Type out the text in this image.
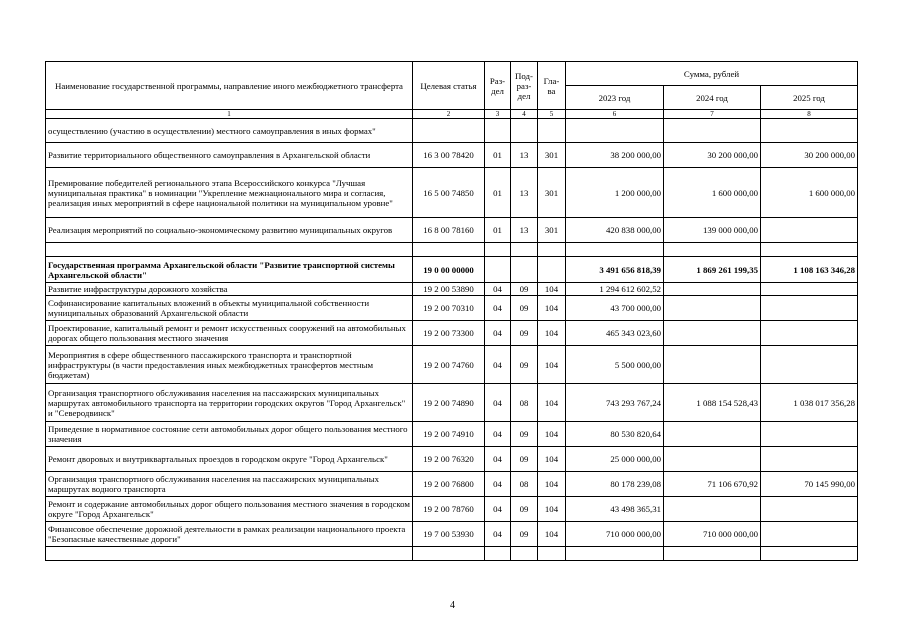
Наименование государственной программы, направление иного межбюджетного трансферта	Целевая статья	Раз-дел	Под-раз-дел	Гла-ва	Сумма, рублей		
					2023 год	2024 год	2025 год
1	2	3	4	5	6	7	8
осуществлению (участию в осуществлении) местного самоуправления в иных формах"							
Развитие территориального общественного самоуправления в Архангельской области	16 3 00 78420	01	13	301	38 200 000,00	30 200 000,00	30 200 000,00
Премирование победителей регионального этапа Всероссийского конкурса "Лучшая муниципальная практика" в номинации "Укрепление межнационального мира и согласия, реализация иных мероприятий в сфере национальной политики на муниципальном уровне"	16 5 00 74850	01	13	301	1 200 000,00	1 600 000,00	1 600 000,00
Реализация мероприятий по социально-экономическому развитию муниципальных округов	16 8 00 78160	01	13	301	420 838 000,00	139 000 000,00	

Государственная программа Архангельской области "Развитие транспортной системы Архангельской области"	19 0 00 00000				3 491 656 818,39	1 869 261 199,35	1 108 163 346,28
Развитие инфраструктуры дорожного хозяйства	19 2 00 53890	04	09	104	1 294 612 602,52		
Софинансирование капитальных вложений в объекты муниципальной собственности муниципальных образований Архангельской области	19 2 00 70310	04	09	104	43 700 000,00		
Проектирование, капитальный ремонт и ремонт искусственных сооружений на автомобильных дорогах общего пользования местного значения	19 2 00 73300	04	09	104	465 343 023,60		
Мероприятия в сфере общественного пассажирского транспорта и транспортной инфраструктуры (в части предоставления иных межбюджетных трансфертов местным бюджетам)	19 2 00 74760	04	09	104	5 500 000,00		
Организация транспортного обслуживания населения на пассажирских муниципальных маршрутах автомобильного транспорта на территории городских округов "Город Архангельск" и "Северодвинск"	19 2 00 74890	04	08	104	743 293 767,24	1 088 154 528,43	1 038 017 356,28
Приведение в нормативное состояние сети автомобильных дорог общего пользования местного значения	19 2 00 74910	04	09	104	80 530 820,64		
Ремонт дворовых и внутриквартальных проездов в городском округе "Город Архангельск"	19 2 00 76320	04	09	104	25 000 000,00		
Организация транспортного обслуживания населения на пассажирских муниципальных маршрутах водного транспорта	19 2 00 76800	04	08	104	80 178 239,08	71 106 670,92	70 145 990,00
Ремонт и содержание автомобильных дорог общего пользования местного значения в городском округе "Город Архангельск"	19 2 00 78760	04	09	104	43 498 365,31		
Финансовое обеспечение дорожной деятельности в рамках реализации национального проекта "Безопасные качественные дороги"	19 7 00 53930	04	09	104	710 000 000,00	710 000 000,00	

4
